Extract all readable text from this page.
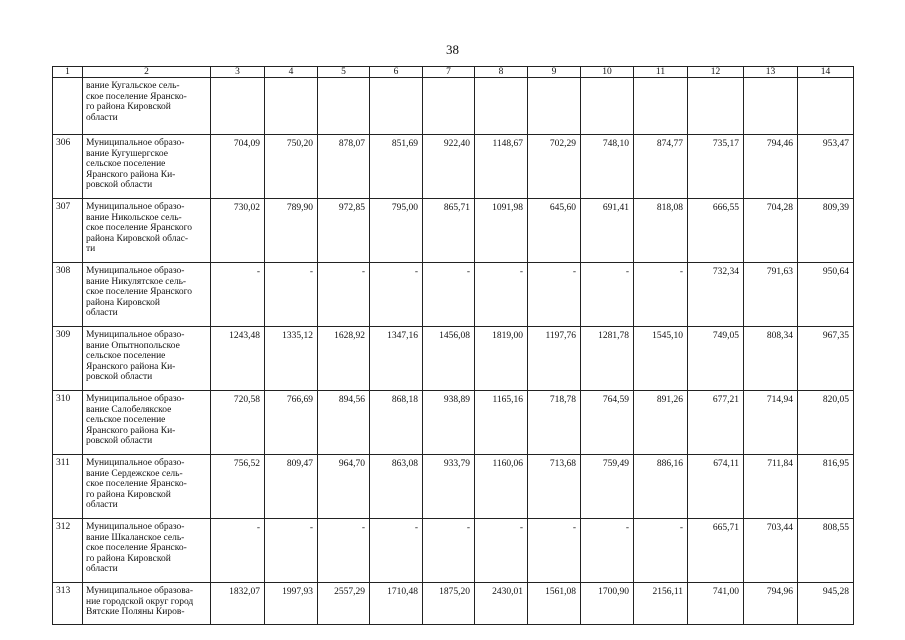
38
1	2	3	4	5	6	7	8	9	10	11	12	13	14

	вание Кугальское сель-
ское поселение Яранско-
го района Кировской
области												

306	Муниципальное образо-
вание Кугушергское
сельское поселение
Яранского района Ки-
ровской области	704,09	750,20	878,07	851,69	922,40	1148,67	702,29	748,10	874,77	735,17	794,46	953,47
307	Муниципальное образо-
вание Никольское сель-
ское поселение Яранского
района Кировской облас-
ти	730,02	789,90	972,85	795,00	865,71	1091,98	645,60	691,41	818,08	666,55	704,28	809,39
308	Муниципальное образо-
вание Никулятское сель-
ское поселение Яранского
района Кировской
области	-	-	-	-	-	-	-	-	-	732,34	791,63	950,64
309	Муниципальное образо-
вание Опытнопольское
сельское поселение
Яранского района Ки-
ровской области	1243,48	1335,12	1628,92	1347,16	1456,08	1819,00	1197,76	1281,78	1545,10	749,05	808,34	967,35
310	Муниципальное образо-
вание Салобелякское
сельское поселение
Яранского района Ки-
ровской области	720,58	766,69	894,56	868,18	938,89	1165,16	718,78	764,59	891,26	677,21	714,94	820,05
311	Муниципальное образо-
вание Сердежское сель-
ское поселение Яранско-
го района Кировской
области	756,52	809,47	964,70	863,08	933,79	1160,06	713,68	759,49	886,16	674,11	711,84	816,95
312	Муниципальное образо-
вание Шкаланское сель-
ское поселение Яранско-
го района Кировской
области	-	-	-	-	-	-	-	-	-	665,71	703,44	808,55
313	Муниципальное образова-
ние городской округ город
Вятские Поляны Киров-	1832,07	1997,93	2557,29	1710,48	1875,20	2430,01	1561,08	1700,90	2156,11	741,00	794,96	945,28
